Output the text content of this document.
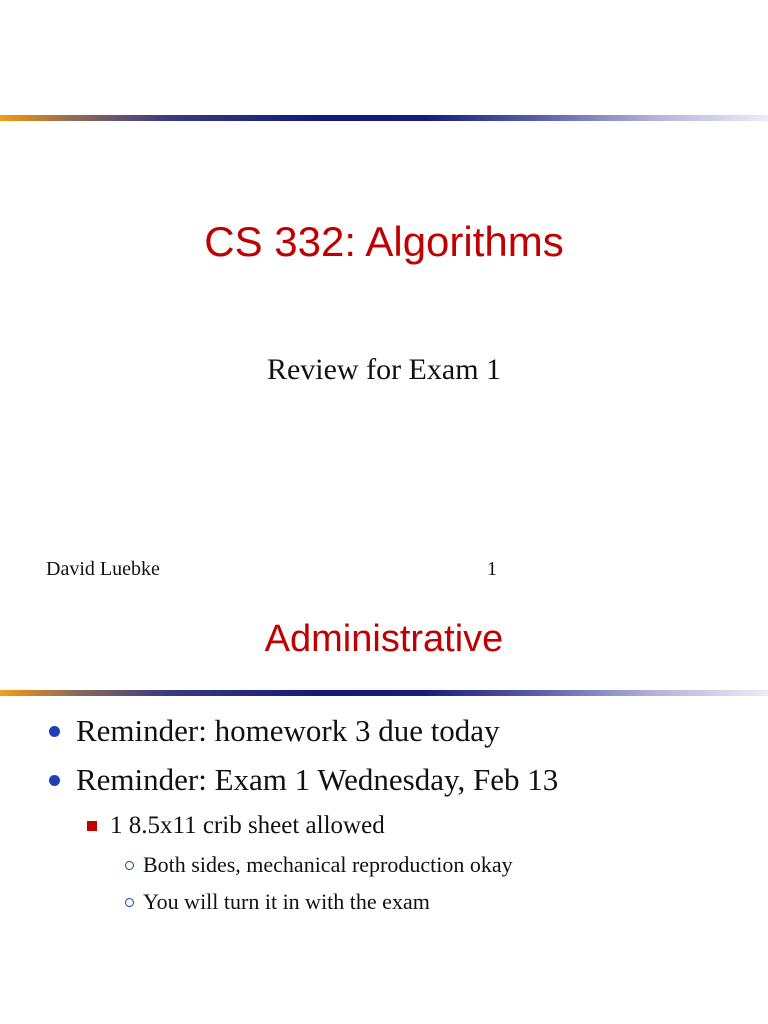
CS 332: Algorithms
Review for Exam 1
David Luebke	1
Administrative
Reminder: homework 3 due today
Reminder: Exam 1 Wednesday, Feb 13
1 8.5x11 crib sheet allowed
Both sides, mechanical reproduction okay
You will turn it in with the exam
